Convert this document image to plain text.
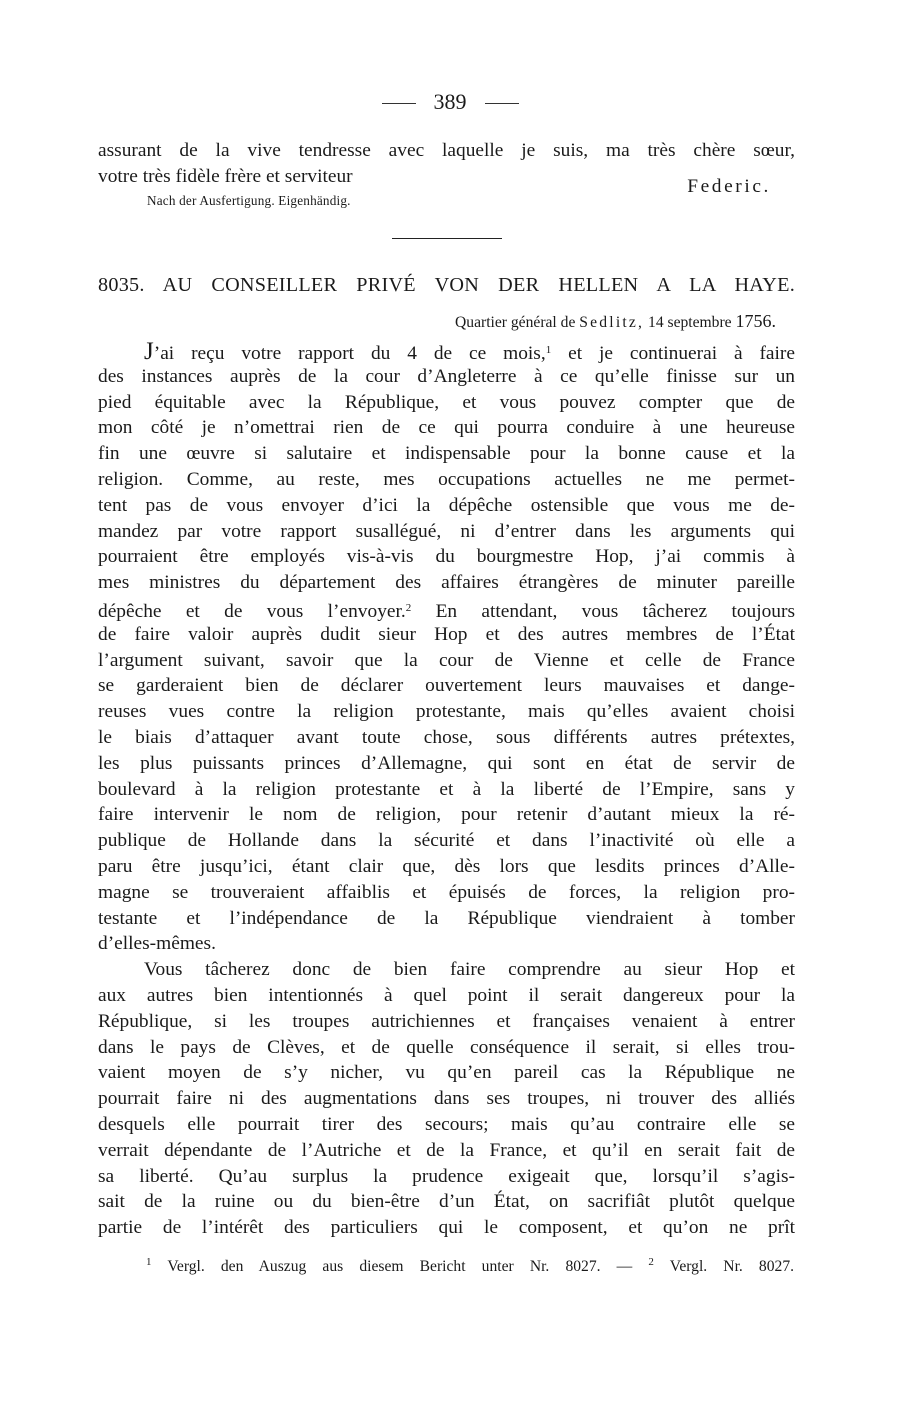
389
assurant de la vive tendresse avec laquelle je suis, ma très chère sœur,
votre très fidèle frère et serviteur	Federic.
Nach der Ausfertigung. Eigenhändig.
8035. AU CONSEILLER PRIVÉ VON DER HELLEN A LA HAYE.
Quartier général de Sedlitz, 14 septembre 1756.
J’ai reçu votre rapport du 4 de ce mois,$^1$ et je continuerai à faire
des instances auprès de la cour d’Angleterre à ce qu’elle finisse sur un
pied équitable avec la République, et vous pouvez compter que de
mon côté je n’omettrai rien de ce qui pourra conduire à une heureuse
fin une œuvre si salutaire et indispensable pour la bonne cause et la
religion. Comme, au reste, mes occupations actuelles ne me permet-
tent pas de vous envoyer d’ici la dépêche ostensible que vous me de-
mandez par votre rapport susallégué, ni d’entrer dans les arguments qui
pourraient être employés vis-à-vis du bourgmestre Hop, j’ai commis à
mes ministres du département des affaires étrangères de minuter pareille
dépêche et de vous l’envoyer.$^2$ En attendant, vous tâcherez toujours
de faire valoir auprès dudit sieur Hop et des autres membres de l’État
l’argument suivant, savoir que la cour de Vienne et celle de France
se garderaient bien de déclarer ouvertement leurs mauvaises et dange-
reuses vues contre la religion protestante, mais qu’elles avaient choisi
le biais d’attaquer avant toute chose, sous différents autres prétextes,
les plus puissants princes d’Allemagne, qui sont en état de servir de
boulevard à la religion protestante et à la liberté de l’Empire, sans y
faire intervenir le nom de religion, pour retenir d’autant mieux la ré-
publique de Hollande dans la sécurité et dans l’inactivité où elle a
paru être jusqu’ici, étant clair que, dès lors que lesdits princes d’Alle-
magne se trouveraient affaiblis et épuisés de forces, la religion pro-
testante et l’indépendance de la République viendraient à tomber
d’elles-mêmes.
Vous tâcherez donc de bien faire comprendre au sieur Hop et
aux autres bien intentionnés à quel point il serait dangereux pour la
République, si les troupes autrichiennes et françaises venaient à entrer
dans le pays de Clèves, et de quelle conséquence il serait, si elles trou-
vaient moyen de s’y nicher, vu qu’en pareil cas la République ne
pourrait faire ni des augmentations dans ses troupes, ni trouver des alliés
desquels elle pourrait tirer des secours; mais qu’au contraire elle se
verrait dépendante de l’Autriche et de la France, et qu’il en serait fait de
sa liberté. Qu’au surplus la prudence exigeait que, lorsqu’il s’agis-
sait de la ruine ou du bien-être d’un État, on sacrifiât plutôt quelque
partie de l’intérêt des particuliers qui le composent, et qu’on ne prît
$^1$ Vergl. den Auszug aus diesem Bericht unter Nr. 8027. — $^2$ Vergl. Nr. 8027.
